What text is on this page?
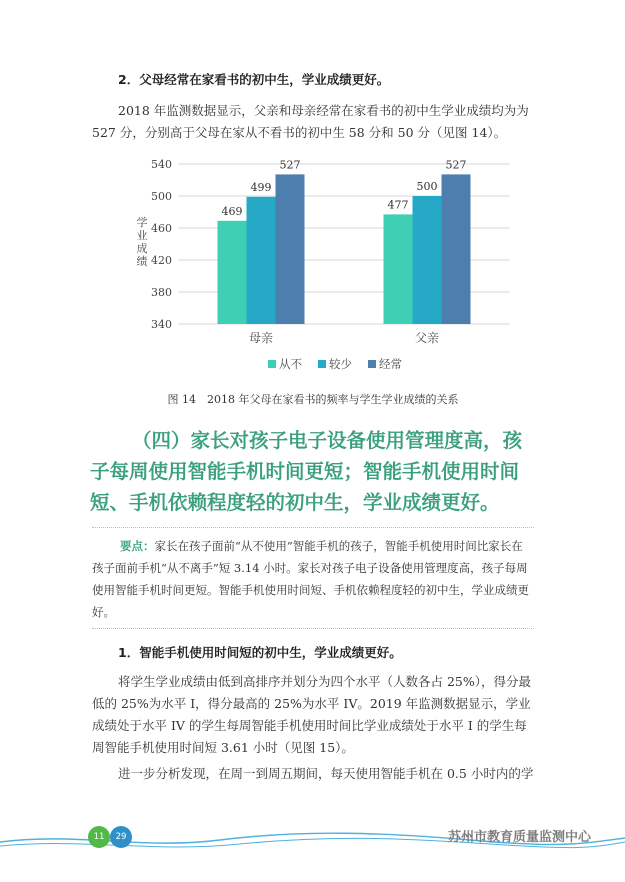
2．父母经常在家看书的初中生，学业成绩更好。
2018 年监测数据显示，父亲和母亲经常在家看书的初中生学业成绩均为为 527 分，分别高于父母在家从不看书的初中生 58 分和 50 分（见图 14）。
340
380
420
460
500
540
学
业
成
绩
469
499
527
母亲
477
500
527
父亲
从不 较少 经常
图 14　2018 年父母在家看书的频率与学生学业成绩的关系
（四）家长对孩子电子设备使用管理度高，孩子每周使用智能手机时间更短；智能手机使用时间短、手机依赖程度轻的初中生，学业成绩更好。
要点：家长在孩子面前“从不使用”智能手机的孩子，智能手机使用时间比家长在孩子面前手机“从不离手”短 3.14 小时。家长对孩子电子设备使用管理度高，孩子每周使用智能手机时间更短。智能手机使用时间短、手机依赖程度轻的初中生，学业成绩更好。
1．智能手机使用时间短的初中生，学业成绩更好。
将学生学业成绩由低到高排序并划分为四个水平（人数各占 25%），得分最低的 25%为水平 I，得分最高的 25%为水平 IV。2019 年监测数据显示，学业成绩处于水平 IV 的学生每周智能手机使用时间比学业成绩处于水平 I 的学生每周智能手机使用时间短 3.61 小时（见图 15）。
进一步分析发现，在周一到周五期间，每天使用智能手机在 0.5 小时内的学
11	29	苏州市教育质量监测中心
